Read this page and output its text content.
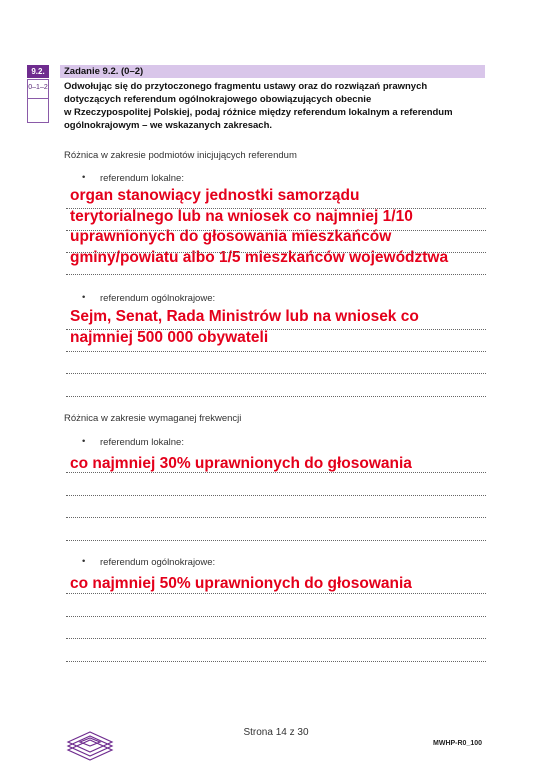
9.2.
0–1–2
Zadanie 9.2. (0–2)
Odwołując się do przytoczonego fragmentu ustawy oraz do rozwiązań prawnych
dotyczących referendum ogólnokrajowego obowiązujących obecnie
w Rzeczypospolitej Polskiej, podaj różnice między referendum lokalnym a referendum
ogólnokrajowym – we wskazanych zakresach.
Różnica w zakresie podmiotów inicjujących referendum
• referendum lokalne:
organ stanowiący jednostki samorządu
terytorialnego lub na wniosek co najmniej 1/10
uprawnionych do głosowania mieszkańców
gminy/powiatu albo 1/5 mieszkańców województwa
• referendum ogólnokrajowe:
Sejm, Senat, Rada Ministrów lub na wniosek co
najmniej 500 000 obywateli
Różnica w zakresie wymaganej frekwencji
• referendum lokalne:
co najmniej 30% uprawnionych do głosowania
• referendum ogólnokrajowe:
co najmniej 50% uprawnionych do głosowania
Strona 14 z 30
MWHP-R0_100
